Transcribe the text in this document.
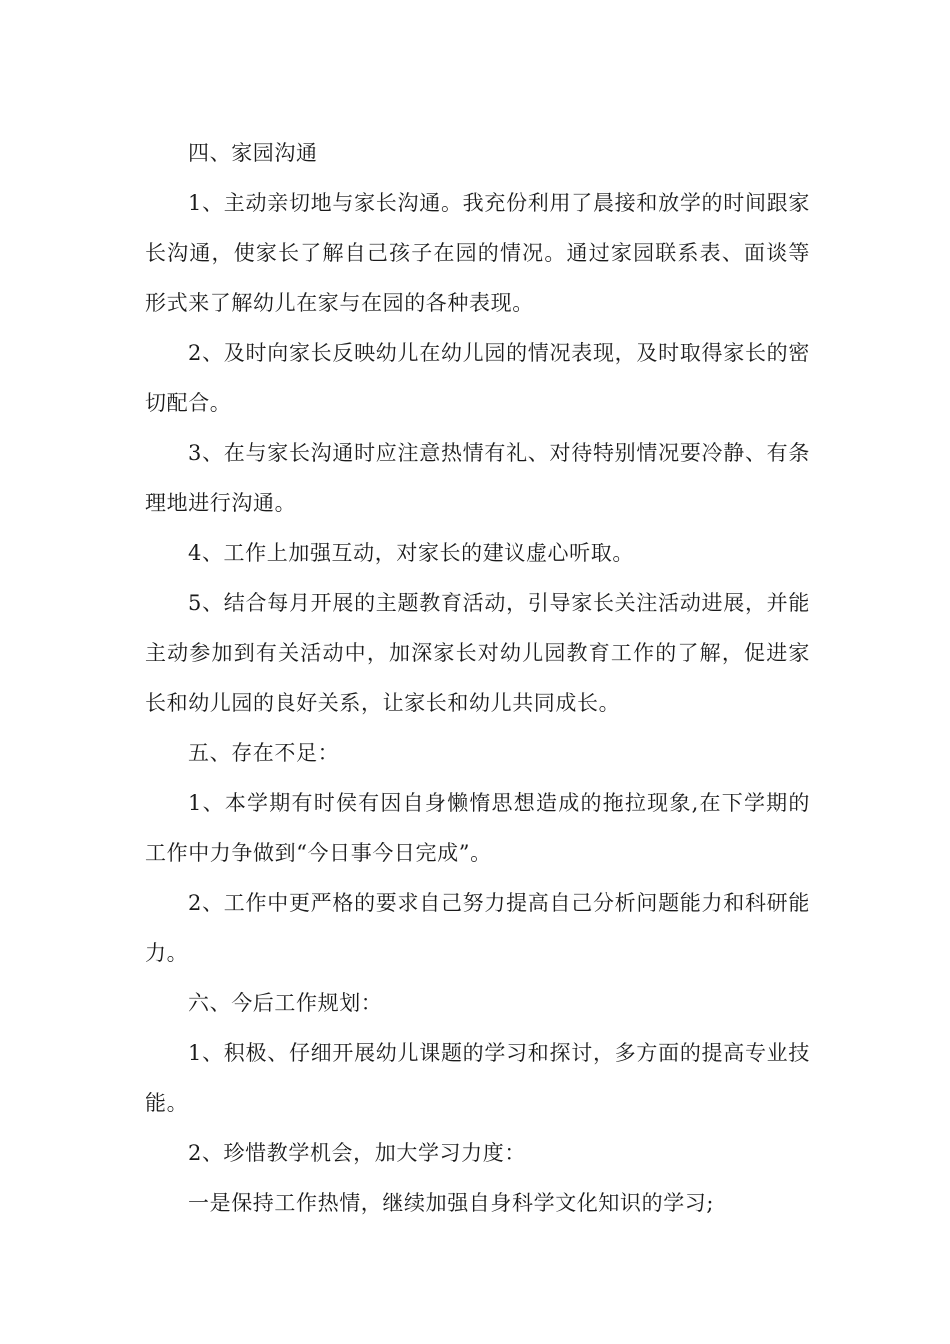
四、家园沟通

1、主动亲切地与家长沟通。我充份利用了晨接和放学的时间跟家长沟通，使家长了解自己孩子在园的情况。通过家园联系表、面谈等形式来了解幼儿在家与在园的各种表现。

2、及时向家长反映幼儿在幼儿园的情况表现，及时取得家长的密切配合。

3、在与家长沟通时应注意热情有礼、对待特别情况要冷静、有条理地进行沟通。

4、工作上加强互动，对家长的建议虚心听取。

5、结合每月开展的主题教育活动，引导家长关注活动进展，并能主动参加到有关活动中，加深家长对幼儿园教育工作的了解，促进家长和幼儿园的良好关系，让家长和幼儿共同成长。

五、存在不足：

1、本学期有时侯有因自身懒惰思想造成的拖拉现象,在下学期的工作中力争做到“今日事今日完成”。

2、工作中更严格的要求自己努力提高自己分析问题能力和科研能力。

六、今后工作规划：

1、积极、仔细开展幼儿课题的学习和探讨，多方面的提高专业技能。

2、珍惜教学机会，加大学习力度：

一是保持工作热情，继续加强自身科学文化知识的学习;
